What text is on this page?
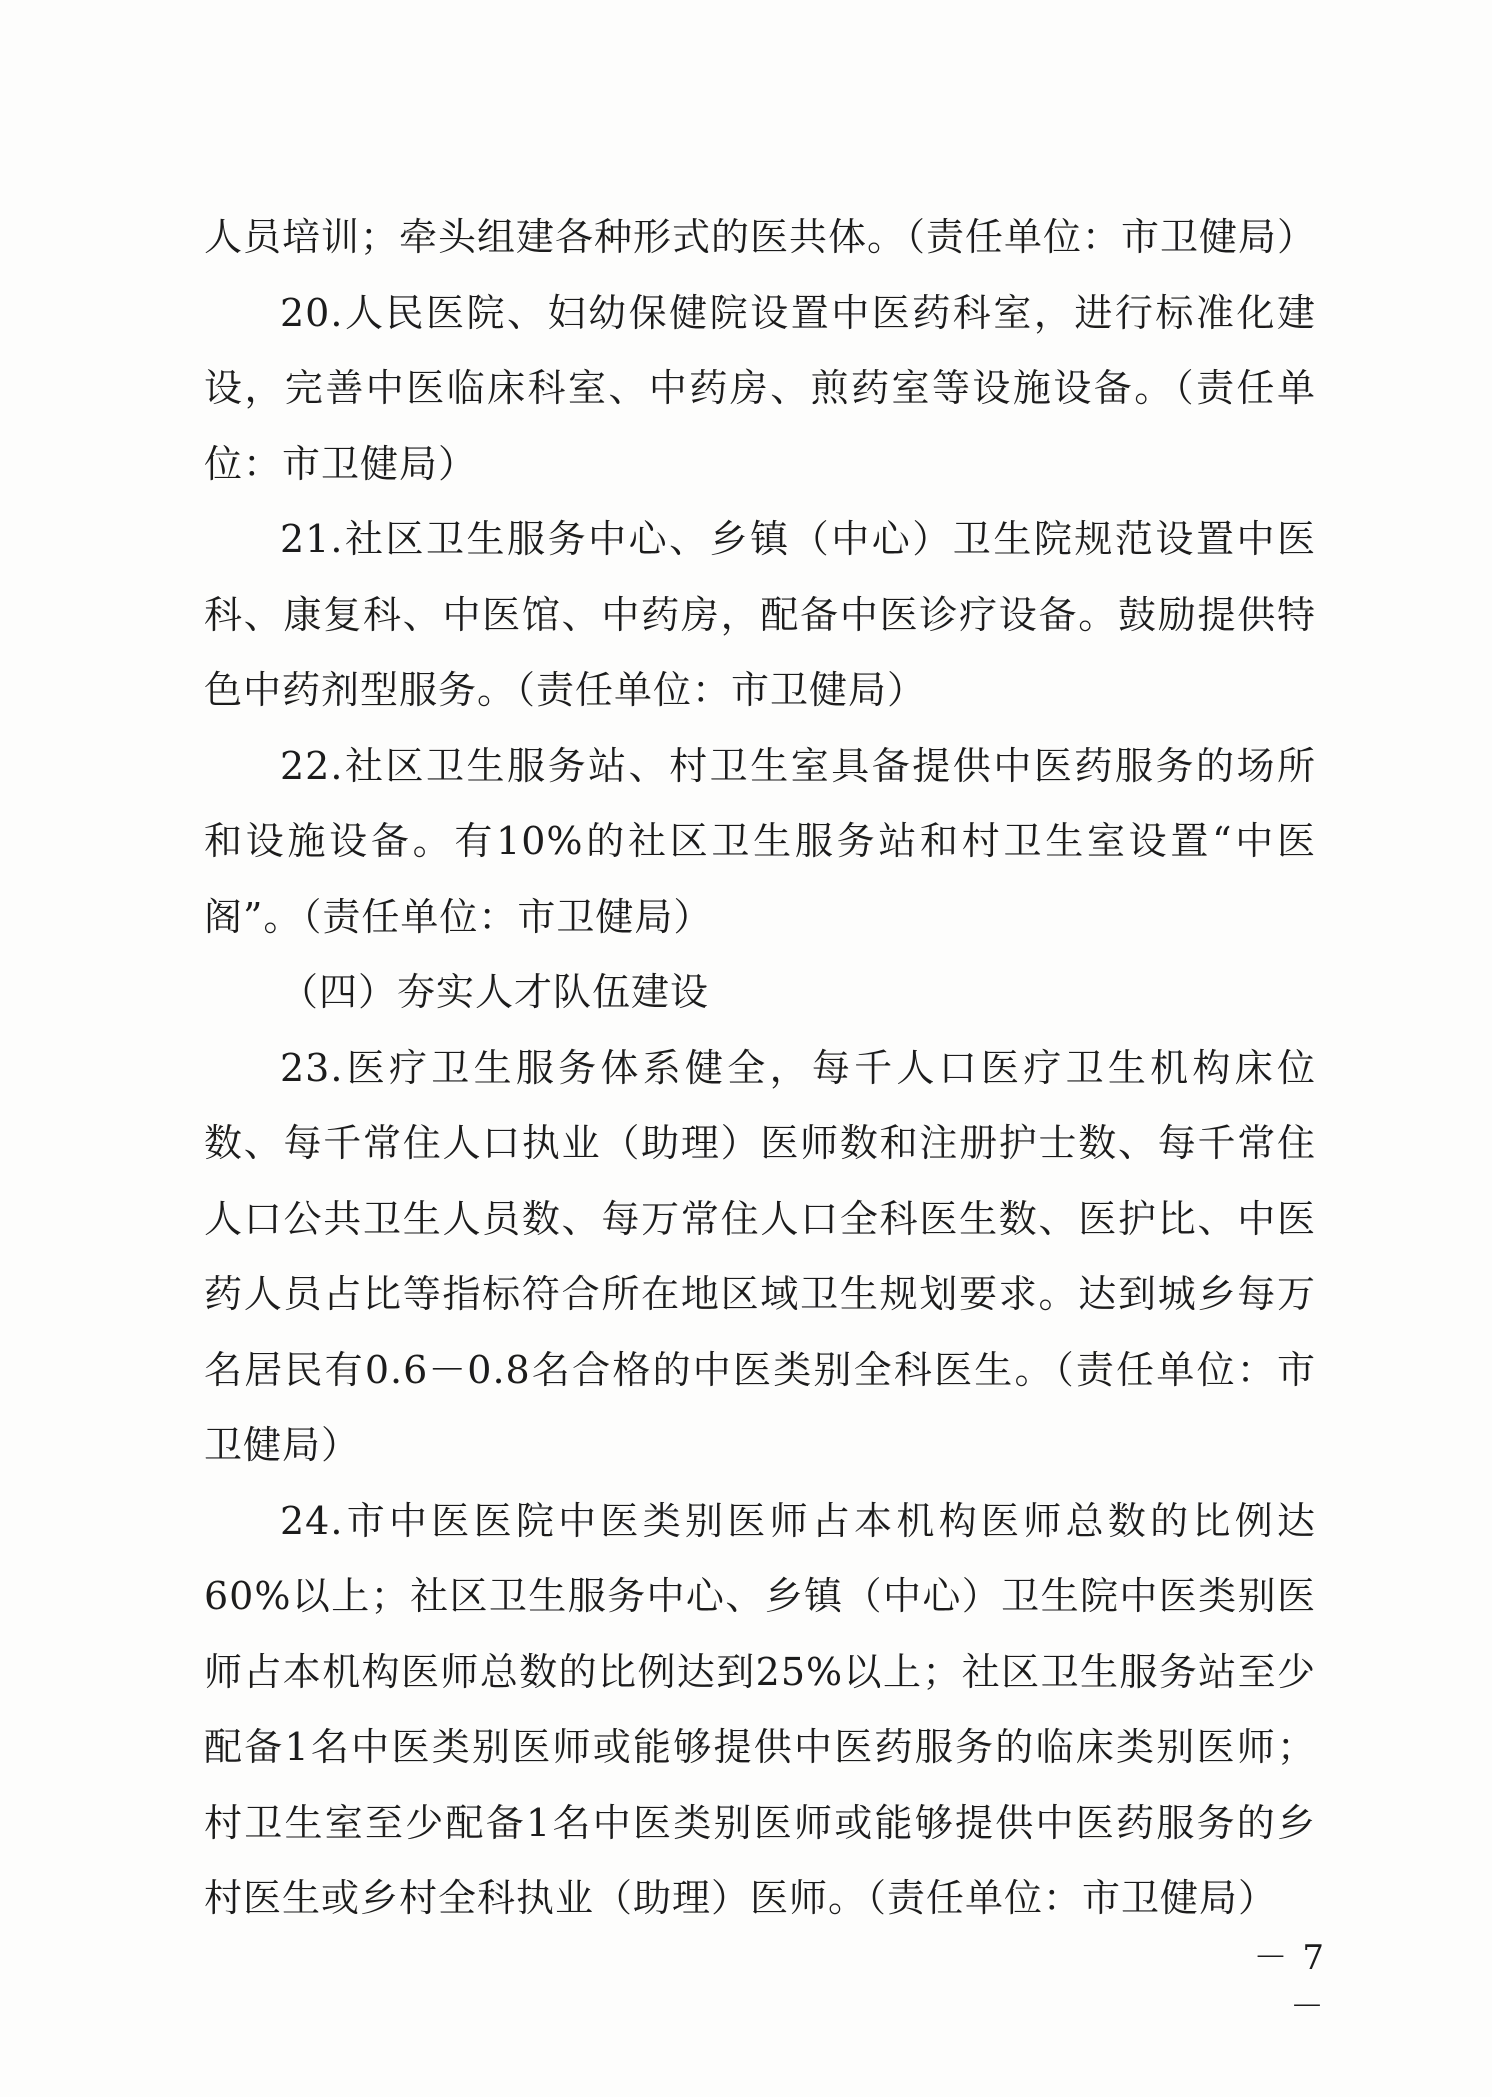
人员培训；牵头组建各种形式的医共体。（责任单位：市卫健局）

20.人民医院、妇幼保健院设置中医药科室，进行标准化建设，完善中医临床科室、中药房、煎药室等设施设备。（责任单位：市卫健局）

21.社区卫生服务中心、乡镇（中心）卫生院规范设置中医科、康复科、中医馆、中药房，配备中医诊疗设备。鼓励提供特色中药剂型服务。（责任单位：市卫健局）

22.社区卫生服务站、村卫生室具备提供中医药服务的场所和设施设备。有10%的社区卫生服务站和村卫生室设置“中医阁”。（责任单位：市卫健局）

（四）夯实人才队伍建设

23.医疗卫生服务体系健全，每千人口医疗卫生机构床位数、每千常住人口执业（助理）医师数和注册护士数、每千常住人口公共卫生人员数、每万常住人口全科医生数、医护比、中医药人员占比等指标符合所在地区域卫生规划要求。达到城乡每万名居民有0.6－0.8名合格的中医类别全科医生。（责任单位：市卫健局）

24.市中医医院中医类别医师占本机构医师总数的比例达60%以上；社区卫生服务中心、乡镇（中心）卫生院中医类别医师占本机构医师总数的比例达到25%以上；社区卫生服务站至少配备1名中医类别医师或能够提供中医药服务的临床类别医师；村卫生室至少配备1名中医类别医师或能够提供中医药服务的乡村医生或乡村全科执业（助理）医师。（责任单位：市卫健局）

－ 7 －
